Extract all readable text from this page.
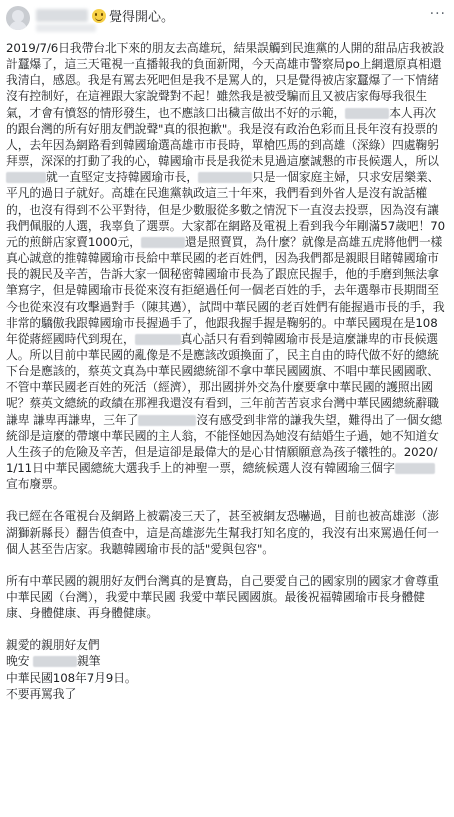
覺得開心。	···

2019/7/6日我帶台北下來的朋友去高雄玩，結果誤觸到民進黨的人開的甜品店我被設計蠶爆了，這三天電視一直播報我的負面新聞，今天高雄市警察局po上網還原真相還我清白，感恩。我是有罵去死吧但是我不是罵人的，只是覺得被店家蠶爆了一下情緒沒有控制好，在這裡跟大家說聲對不起！雖然我是被受騙而且又被店家侮辱我很生氣，才會有憤怒的情形發生，也不應該口出穢言做出不好的示範，	本人再次的跟台灣的所有好朋友們說聲"真的很抱歉"。我是沒有政治色彩而且長年沒有投票的人，去年因為網路看到韓國瑜選高雄市市長時，單槍匹馬的到高雄（深綠）四處鞠躬拜票，深深的打動了我的心，韓國瑜市長是我從未見過這麼誠懇的市長候選人，所以就一直堅定支持韓國瑜市長，	只是一個家庭主婦，只求安居樂業、平凡的過日子就好。高雄在民進黨執政這三十年來，我們看到外省人是沒有說話權的，也沒有得到不公平對待，但是少數服從多數之情況下一直沒去投票，因為沒有讓我們佩服的人選，我辜負了選票。大家都在網路及電視上看到我今年剛滿57歲吧！70元的煎餅店家賣1000元，	還是照賣買，為什麼？就像是高雄五虎將他們一樣真心誠意的推韓韓國瑜市長給中華民國的老百姓們，因為我們都是親眼目睹韓國瑜市長的親民及辛苦，告訴大家一個秘密韓國瑜市長為了跟庶民握手，他的手磨到無法拿筆寫字，但是韓國瑜市長從來沒有拒絕過任何一個老百姓的手，去年選舉市長期間至今也從來沒有攻擊過對手（陳其邁），試問中華民國的老百姓們有能握過市長的手，我非常的驕傲我跟韓國瑜市長握過手了，他跟我握手握是鞠躬的。中華民國現在是108年從蔣經國時代到現在，	真心話只有看到韓國瑜市長是這麼謙卑的市長候選人。所以目前中華民國的亂像是不是應該改頭換面了，民主自由的時代做不好的總統下台是應該的，蔡英文真為中華民國總統卻不拿中華民國國旗、不唱中華民國國歌、不管中華民國老百姓的死活（經濟），那出國拼外交為什麼要拿中華民國的護照出國呢？蔡英文總統的政績在那裡我還沒有看到，三年前苦苦哀求台灣中華民國總統辭職 謙卑 謙卑再謙卑，三年了	沒有感受到非常的謙我失望，難得出了一個女總統卻是這麼的帶壞中華民國的主人翁，不能怪她因為她沒有結婚生子過，她不知道女人生孩子的危險及辛苦，但是這卻是最偉大的是心甘情願願意為孩子犧牲的。2020/1/11日中華民國總統大選我手上的神聖一票，總統候選人沒有韓國瑜三個字宣布廢票。

我已經在各電視台及網路上被霸凌三天了，甚至被網友恐嚇過，目前也被高雄澎（澎湖獅新縣長）翻告偵查中，這是高雄澎先生幫我打知名度的，我沒有出來罵過任何一個人甚至告店家。我聽韓國瑜市長的話"愛與包容"。

所有中華民國的親朋好友們台灣真的是寶島，自己要愛自己的國家別的國家才會尊重中華民國（台灣），我愛中華民國 我愛中華民國國旗。最後祝福韓國瑜市長身體健康、身體健康、再身體健康。

親愛的親朋好友們

晚安	親筆

中華民國108年7月9日。

不要再罵我了
